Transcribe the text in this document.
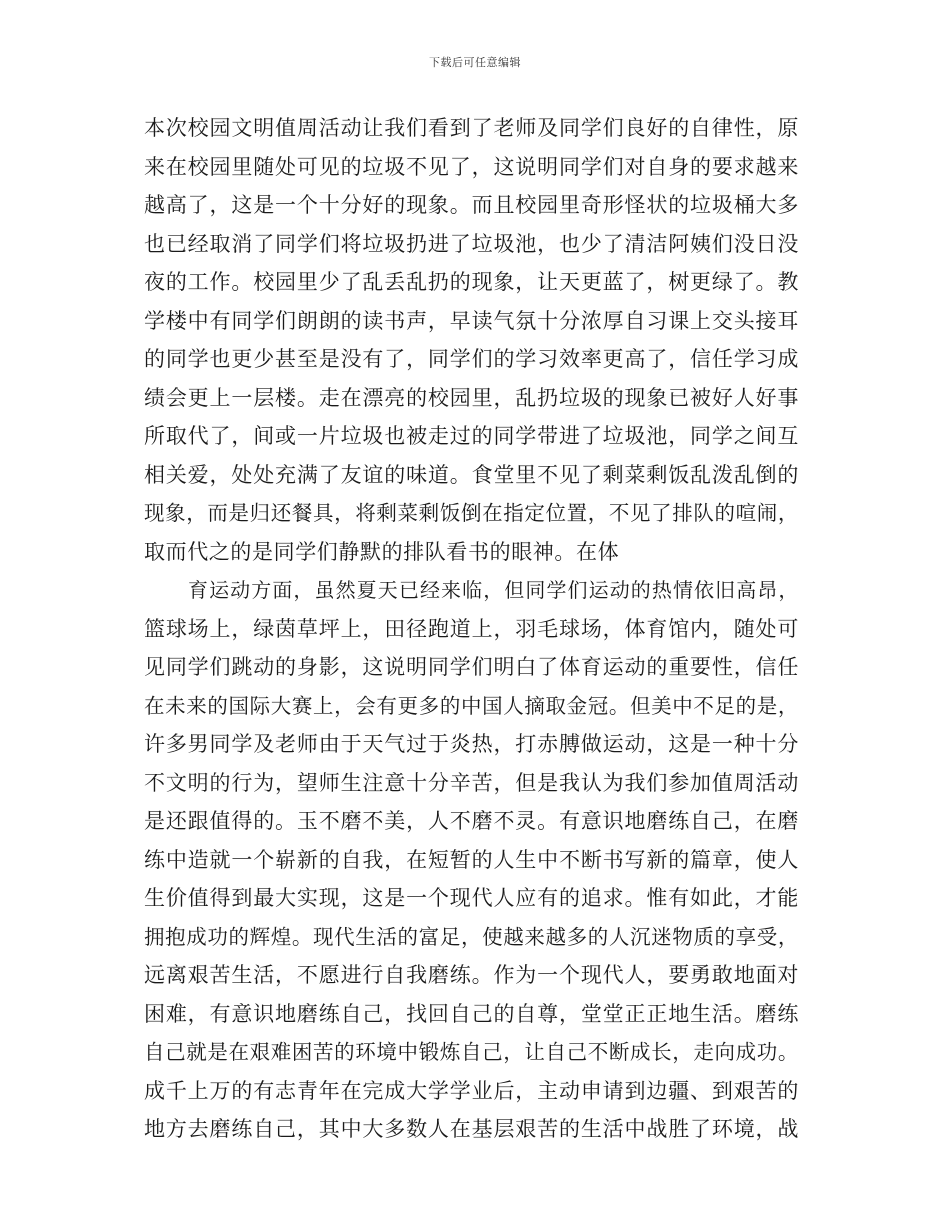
下载后可任意编辑
本次校园文明值周活动让我们看到了老师及同学们良好的自律性，原
来在校园里随处可见的垃圾不见了，这说明同学们对自身的要求越来
越高了，这是一个十分好的现象。而且校园里奇形怪状的垃圾桶大多
也已经取消了同学们将垃圾扔进了垃圾池，也少了清洁阿姨们没日没
夜的工作。校园里少了乱丢乱扔的现象，让天更蓝了，树更绿了。教
学楼中有同学们朗朗的读书声，早读气氛十分浓厚自习课上交头接耳
的同学也更少甚至是没有了，同学们的学习效率更高了，信任学习成
绩会更上一层楼。走在漂亮的校园里，乱扔垃圾的现象已被好人好事
所取代了，间或一片垃圾也被走过的同学带进了垃圾池，同学之间互
相关爱，处处充满了友谊的味道。食堂里不见了剩菜剩饭乱泼乱倒的
现象，而是归还餐具，将剩菜剩饭倒在指定位置，不见了排队的喧闹，
取而代之的是同学们静默的排队看书的眼神。在体
育运动方面，虽然夏天已经来临，但同学们运动的热情依旧高昂，
篮球场上，绿茵草坪上，田径跑道上，羽毛球场，体育馆内，随处可
见同学们跳动的身影，这说明同学们明白了体育运动的重要性，信任
在未来的国际大赛上，会有更多的中国人摘取金冠。但美中不足的是，
许多男同学及老师由于天气过于炎热，打赤膊做运动，这是一种十分
不文明的行为，望师生注意十分辛苦，但是我认为我们参加值周活动
是还跟值得的。玉不磨不美，人不磨不灵。有意识地磨练自己，在磨
练中造就一个崭新的自我，在短暂的人生中不断书写新的篇章，使人
生价值得到最大实现，这是一个现代人应有的追求。惟有如此，才能
拥抱成功的辉煌。现代生活的富足，使越来越多的人沉迷物质的享受，
远离艰苦生活，不愿进行自我磨练。作为一个现代人，要勇敢地面对
困难，有意识地磨练自己，找回自己的自尊，堂堂正正地生活。磨练
自己就是在艰难困苦的环境中锻炼自己，让自己不断成长，走向成功。
成千上万的有志青年在完成大学学业后，主动申请到边疆、到艰苦的
地方去磨练自己，其中大多数人在基层艰苦的生活中战胜了环境，战
